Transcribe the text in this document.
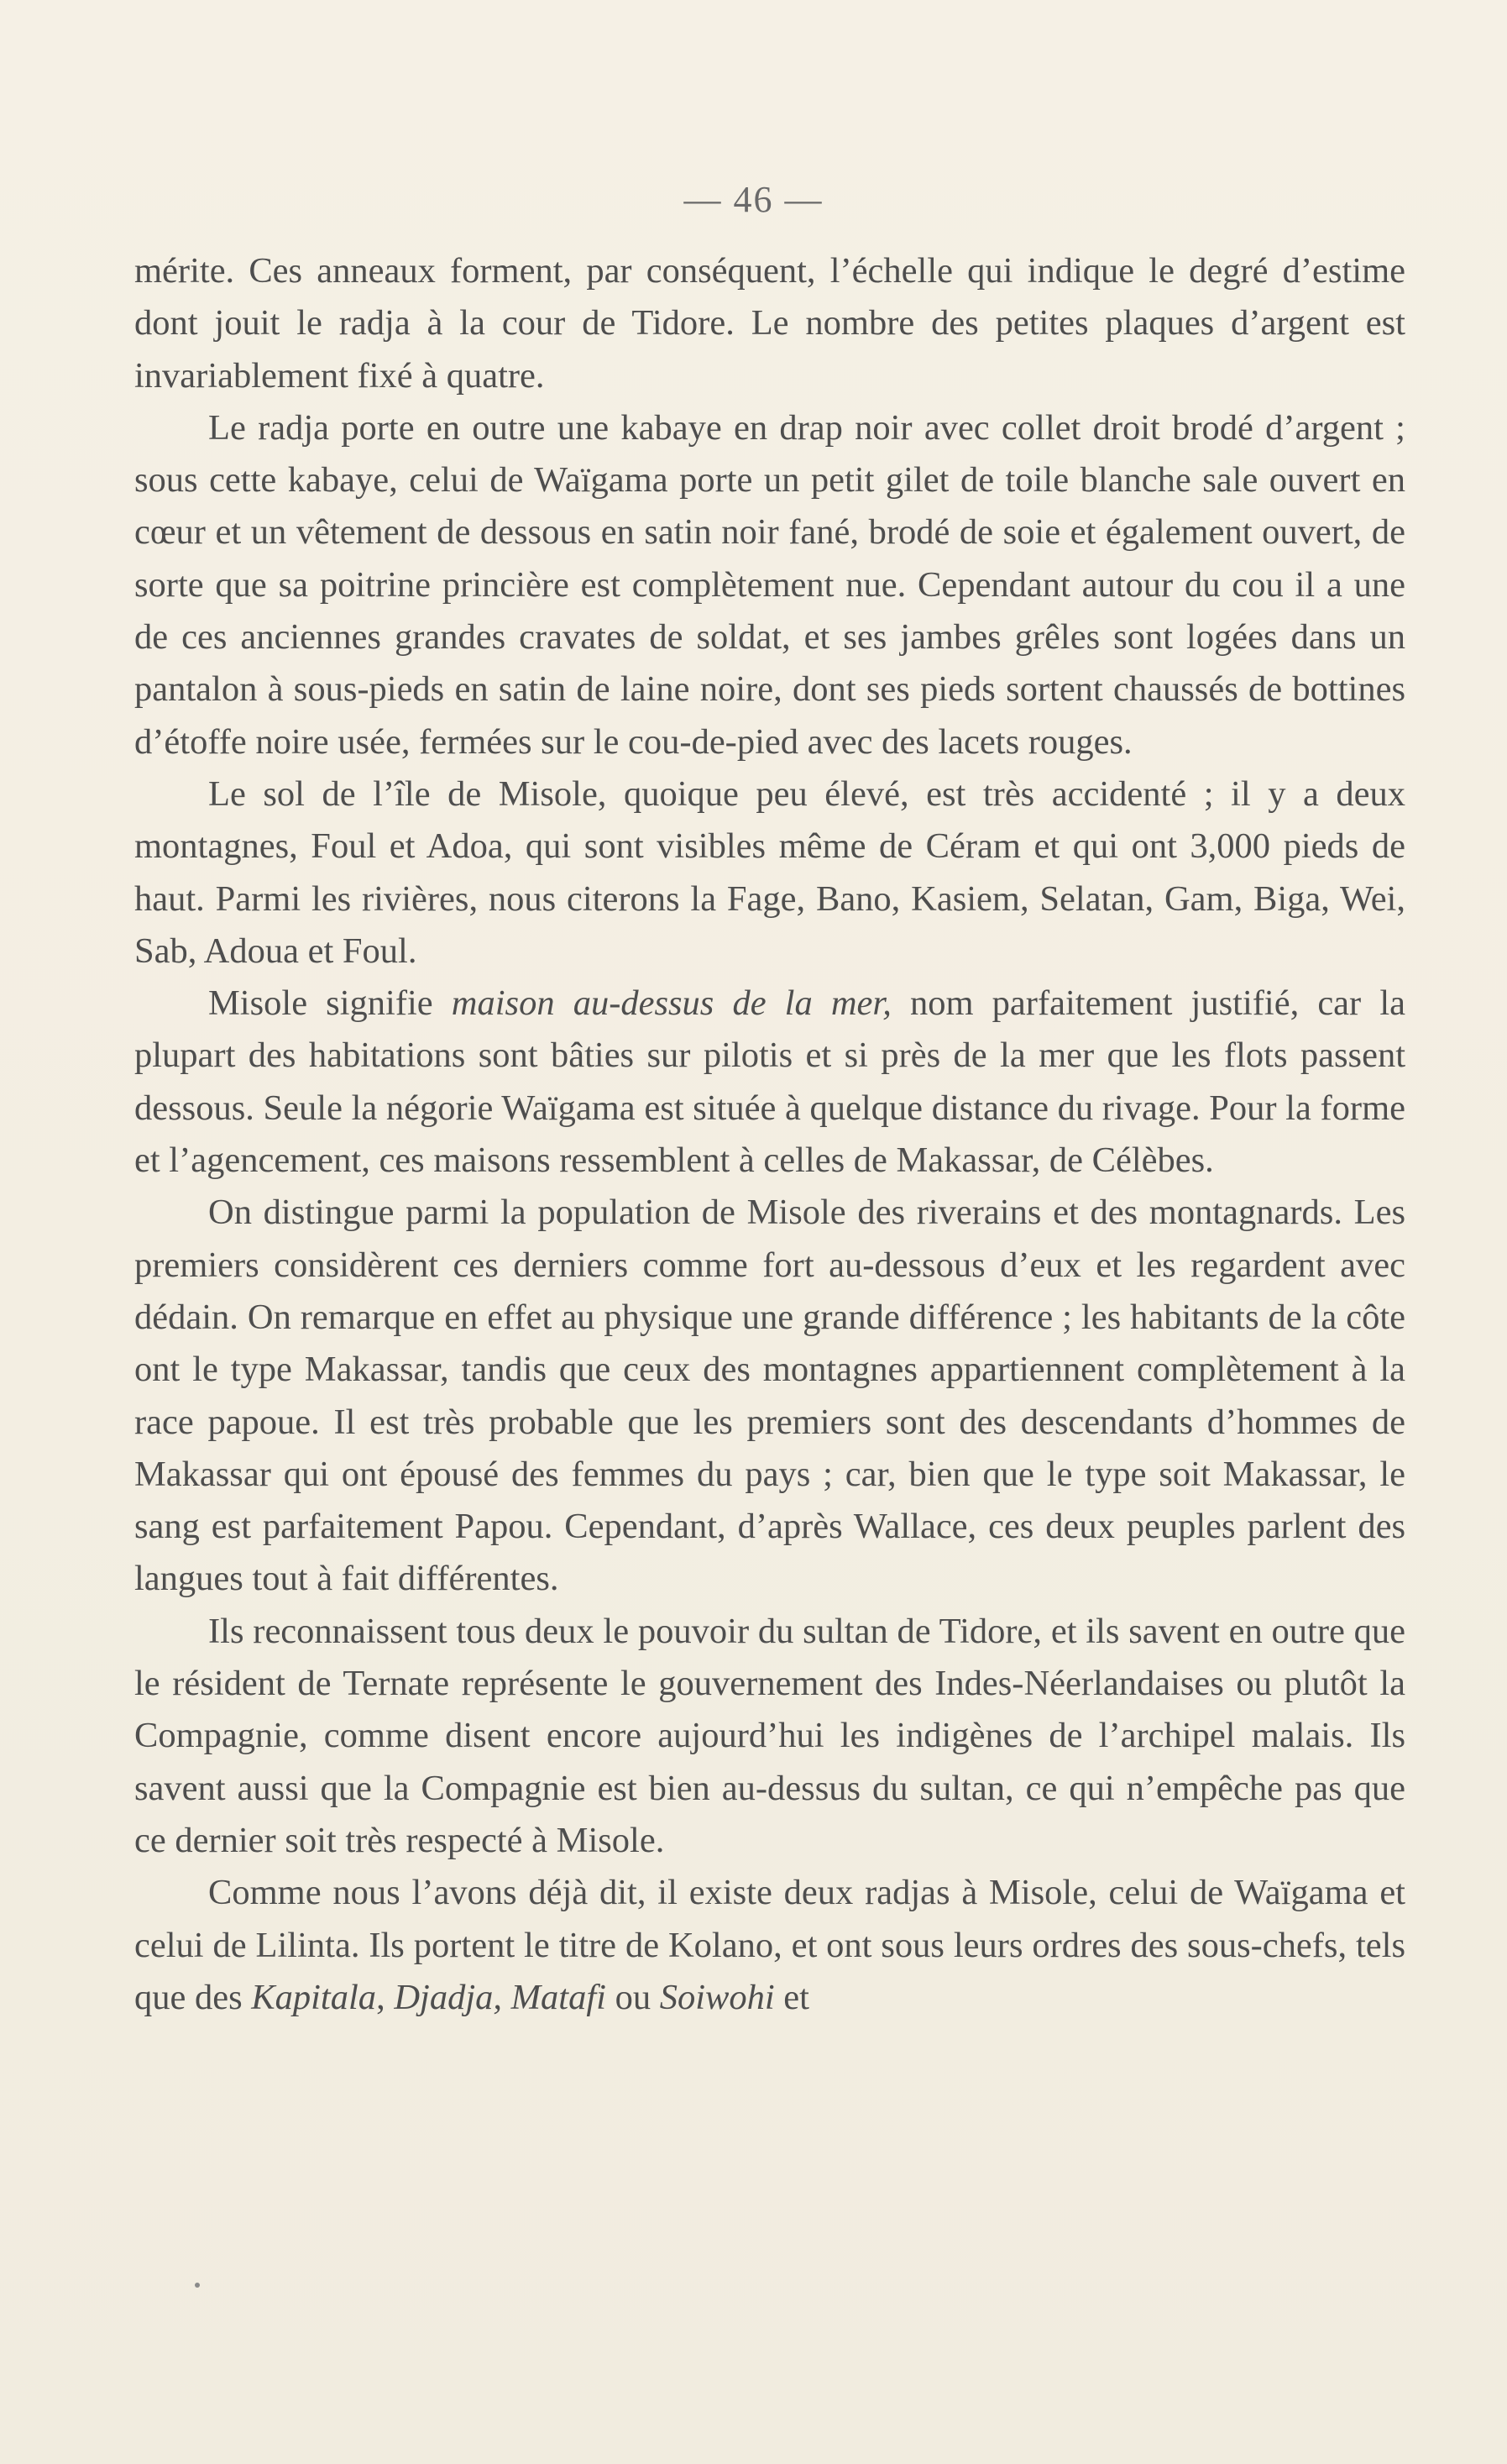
— 46 —

mérite. Ces anneaux forment, par conséquent, l’échelle qui indique le degré d’estime dont jouit le radja à la cour de Tidore. Le nombre des petites plaques d’argent est invariablement fixé à quatre.

Le radja porte en outre une kabaye en drap noir avec collet droit brodé d’argent ; sous cette kabaye, celui de Waïgama porte un petit gilet de toile blanche sale ouvert en cœur et un vêtement de dessous en satin noir fané, brodé de soie et également ouvert, de sorte que sa poitrine princière est complètement nue. Cependant autour du cou il a une de ces anciennes grandes cravates de soldat, et ses jambes grêles sont logées dans un pantalon à sous-pieds en satin de laine noire, dont ses pieds sortent chaussés de bottines d’étoffe noire usée, fermées sur le cou-de-pied avec des lacets rouges.

Le sol de l’île de Misole, quoique peu élevé, est très accidenté ; il y a deux montagnes, Foul et Adoa, qui sont visibles même de Céram et qui ont 3,000 pieds de haut. Parmi les rivières, nous citerons la Fage, Bano, Kasiem, Selatan, Gam, Biga, Wei, Sab, Adoua et Foul.

Misole signifie maison au-dessus de la mer, nom parfaitement justifié, car la plupart des habitations sont bâties sur pilotis et si près de la mer que les flots passent dessous. Seule la négorie Waïgama est située à quelque distance du rivage. Pour la forme et l’agencement, ces maisons ressemblent à celles de Makassar, de Célèbes.

On distingue parmi la population de Misole des riverains et des montagnards. Les premiers considèrent ces derniers comme fort au-dessous d’eux et les regardent avec dédain. On remarque en effet au physique une grande différence ; les habitants de la côte ont le type Makassar, tandis que ceux des montagnes appartiennent complètement à la race papoue. Il est très probable que les premiers sont des descendants d’hommes de Makassar qui ont épousé des femmes du pays ; car, bien que le type soit Makassar, le sang est parfaitement Papou. Cependant, d’après Wallace, ces deux peuples parlent des langues tout à fait différentes.

Ils reconnaissent tous deux le pouvoir du sultan de Tidore, et ils savent en outre que le résident de Ternate représente le gouvernement des Indes-Néerlandaises ou plutôt la Compagnie, comme disent encore aujourd’hui les indigènes de l’archipel malais. Ils savent aussi que la Compagnie est bien au-dessus du sultan, ce qui n’empêche pas que ce dernier soit très respecté à Misole.

Comme nous l’avons déjà dit, il existe deux radjas à Misole, celui de Waïgama et celui de Lilinta. Ils portent le titre de Kolano, et ont sous leurs ordres des sous-chefs, tels que des Kapitala, Djadja, Matafi ou Soiwohi et
